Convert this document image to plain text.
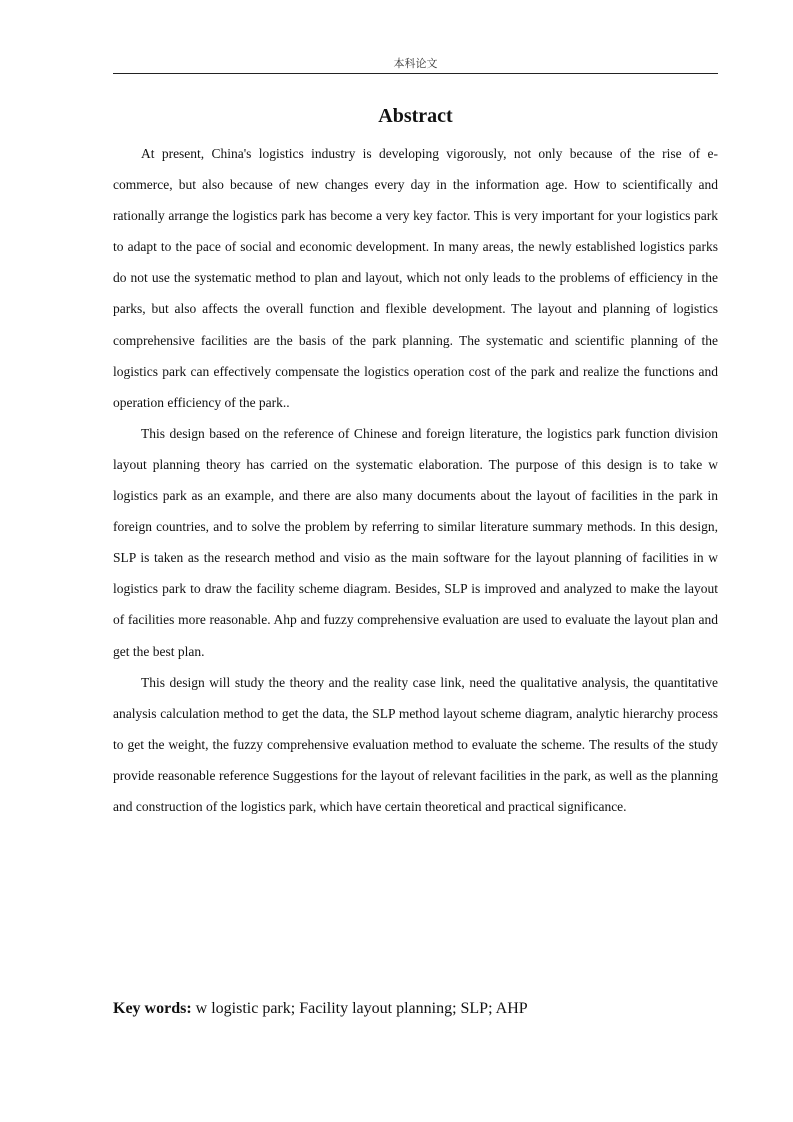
本科论文
Abstract

At present, China's logistics industry is developing vigorously, not only because of the rise of e-commerce, but also because of new changes every day in the information age. How to scientifically and rationally arrange the logistics park has become a very key factor. This is very important for your logistics park to adapt to the pace of social and economic development. In many areas, the newly established logistics parks do not use the systematic method to plan and layout, which not only leads to the problems of efficiency in the parks, but also affects the overall function and flexible development. The layout and planning of logistics comprehensive facilities are the basis of the park planning. The systematic and scientific planning of the logistics park can effectively compensate the logistics operation cost of the park and realize the functions and operation efficiency of the park..

This design based on the reference of Chinese and foreign literature, the logistics park function division layout planning theory has carried on the systematic elaboration. The purpose of this design is to take w logistics park as an example, and there are also many documents about the layout of facilities in the park in foreign countries, and to solve the problem by referring to similar literature summary methods. In this design, SLP is taken as the research method and visio as the main software for the layout planning of facilities in w logistics park to draw the facility scheme diagram. Besides, SLP is improved and analyzed to make the layout of facilities more reasonable. Ahp and fuzzy comprehensive evaluation are used to evaluate the layout plan and get the best plan.

This design will study the theory and the reality case link, need the qualitative analysis, the quantitative analysis calculation method to get the data, the SLP method layout scheme diagram, analytic hierarchy process to get the weight, the fuzzy comprehensive evaluation method to evaluate the scheme. The results of the study provide reasonable reference Suggestions for the layout of relevant facilities in the park, as well as the planning and construction of the logistics park, which have certain theoretical and practical significance.

Key words: w logistic park; Facility layout planning; SLP; AHP
